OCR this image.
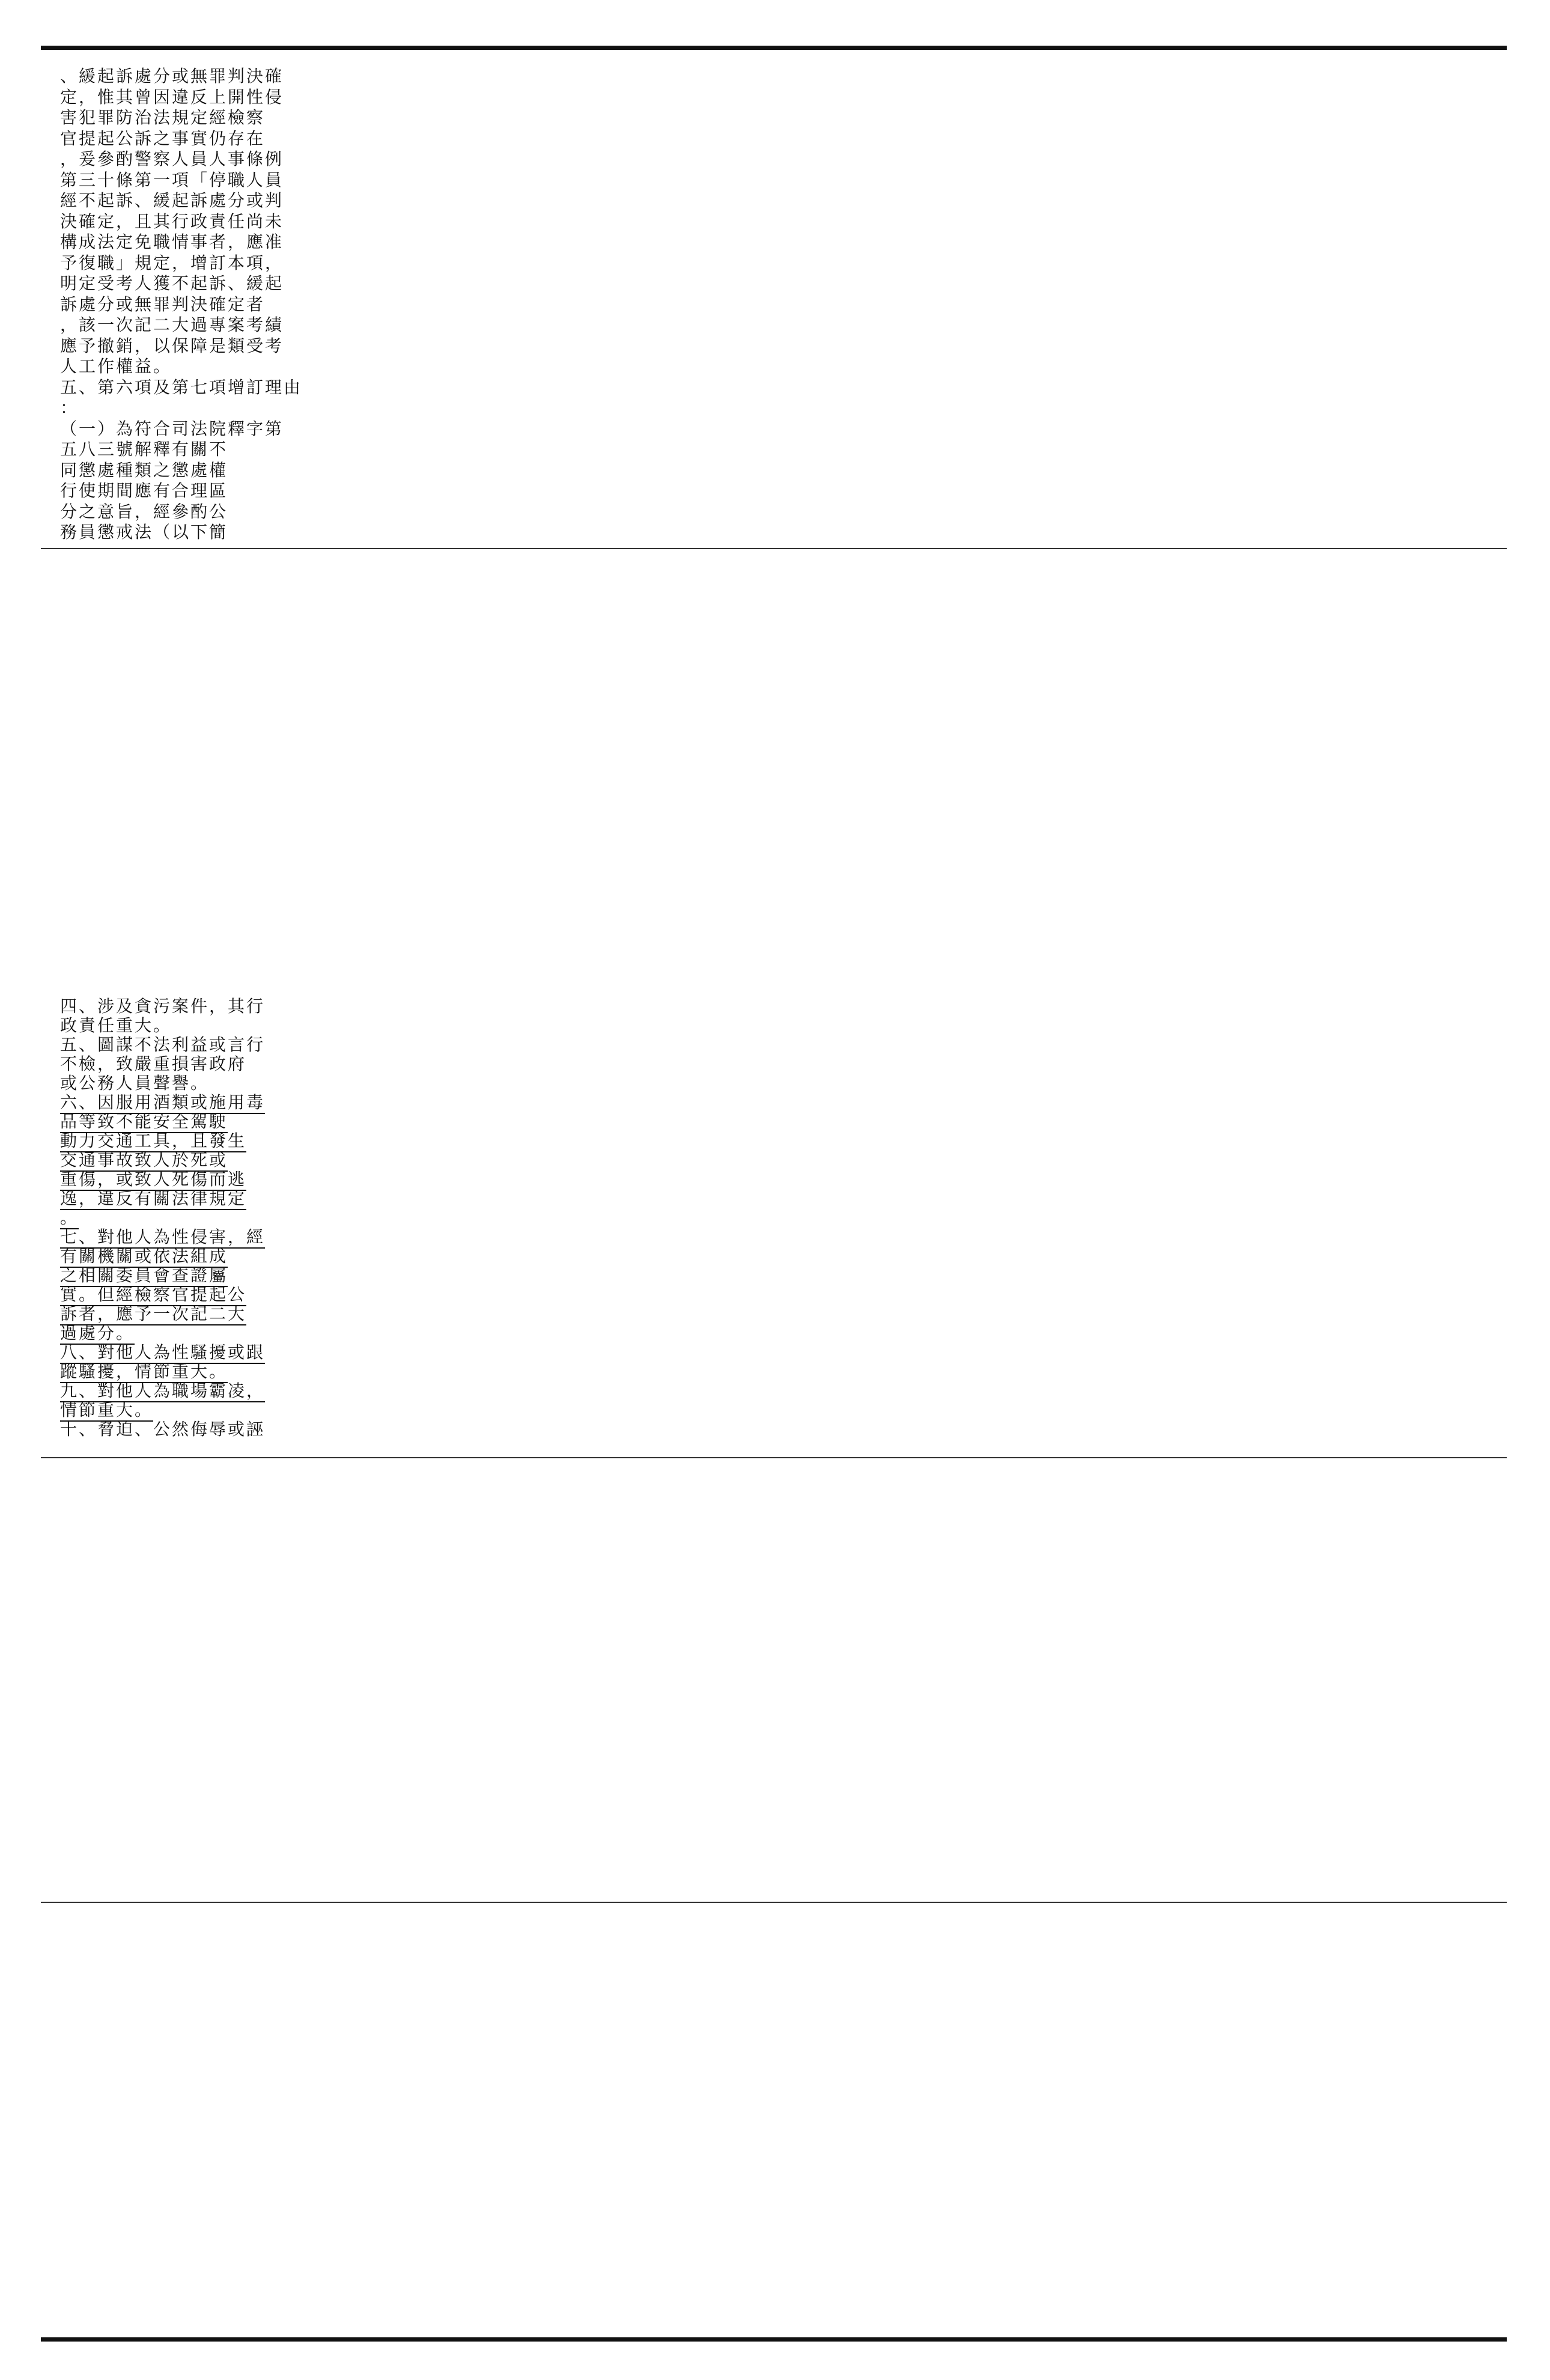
、緩起訴處分或無罪判決確
定，惟其曾因違反上開性侵
害犯罪防治法規定經檢察
官提起公訴之事實仍存在
，爰參酌警察人員人事條例
第三十條第一項「停職人員
經不起訴、緩起訴處分或判
決確定，且其行政責任尚未
構成法定免職情事者，應准
予復職」規定，增訂本項，
明定受考人獲不起訴、緩起
訴處分或無罪判決確定者
，該一次記二大過專案考績
應予撤銷，以保障是類受考
人工作權益。
五、第六項及第七項增訂理由
：
（一）為符合司法院釋字第
五八三號解釋有關不
同懲處種類之懲處權
行使期間應有合理區
分之意旨，經參酌公
務員懲戒法（以下簡
四、涉及貪污案件，其行
政責任重大。
五、圖謀不法利益或言行
不檢，致嚴重損害政府
或公務人員聲譽。
六、因服用酒類或施用毒
品等致不能安全駕駛
動力交通工具，且發生
交通事故致人於死或
重傷，或致人死傷而逃
逸，違反有關法律規定
。
七、對他人為性侵害，經
有關機關或依法組成
之相關委員會查證屬
實。但經檢察官提起公
訴者，應予一次記二大
過處分。
八、對他人為性騷擾或跟
蹤騷擾，情節重大。
九、對他人為職場霸凌，
情節重大。
十、脅迫、公然侮辱或誣
